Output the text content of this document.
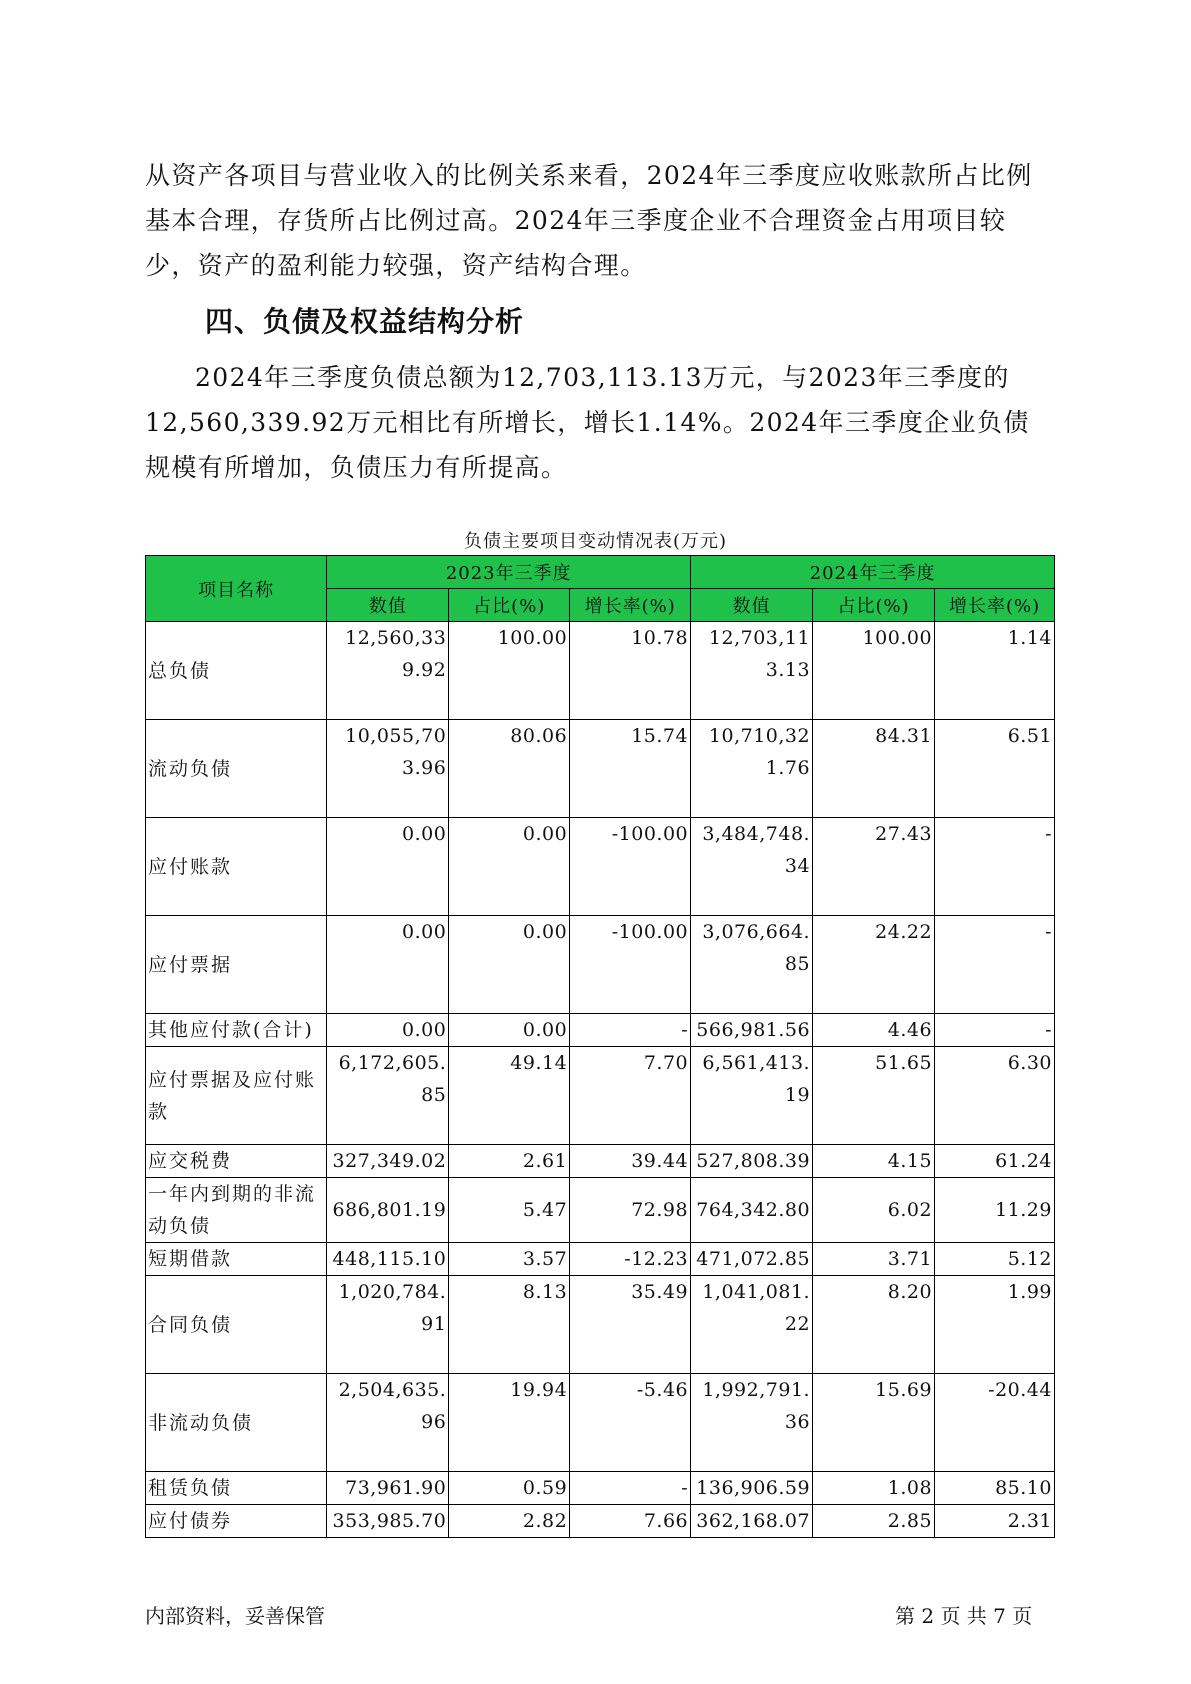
从资产各项目与营业收入的比例关系来看，2024年三季度应收账款所占比例基本合理，存货所占比例过高。2024年三季度企业不合理资金占用项目较少，资产的盈利能力较强，资产结构合理。

四、负债及权益结构分析

2024年三季度负债总额为12,703,113.13万元，与2023年三季度的12,560,339.92万元相比有所增长，增长1.14%。2024年三季度企业负债规模有所增加，负债压力有所提高。

负债主要项目变动情况表(万元)
项目名称	2023年三季度			2024年三季度		
	数值	占比(%)	增长率(%)	数值	占比(%)	增长率(%)
总负债	12,560,339.92	100.00	10.78	12,703,113.13	100.00	1.14
流动负债	10,055,703.96	80.06	15.74	10,710,321.76	84.31	6.51
应付账款	0.00	0.00	-100.00	3,484,748.34	27.43	-
应付票据	0.00	0.00	-100.00	3,076,664.85	24.22	-
其他应付款(合计)	0.00	0.00	-	566,981.56	4.46	-
应付票据及应付账款	6,172,605.85	49.14	7.70	6,561,413.19	51.65	6.30
应交税费	327,349.02	2.61	39.44	527,808.39	4.15	61.24
一年内到期的非流动负债	686,801.19	5.47	72.98	764,342.80	6.02	11.29
短期借款	448,115.10	3.57	-12.23	471,072.85	3.71	5.12
合同负债	1,020,784.91	8.13	35.49	1,041,081.22	8.20	1.99
非流动负债	2,504,635.96	19.94	-5.46	1,992,791.36	15.69	-20.44
租赁负债	73,961.90	0.59	-	136,906.59	1.08	85.10
应付债券	353,985.70	2.82	7.66	362,168.07	2.85	2.31
内部资料，妥善保管	第 2 页 共 7 页
